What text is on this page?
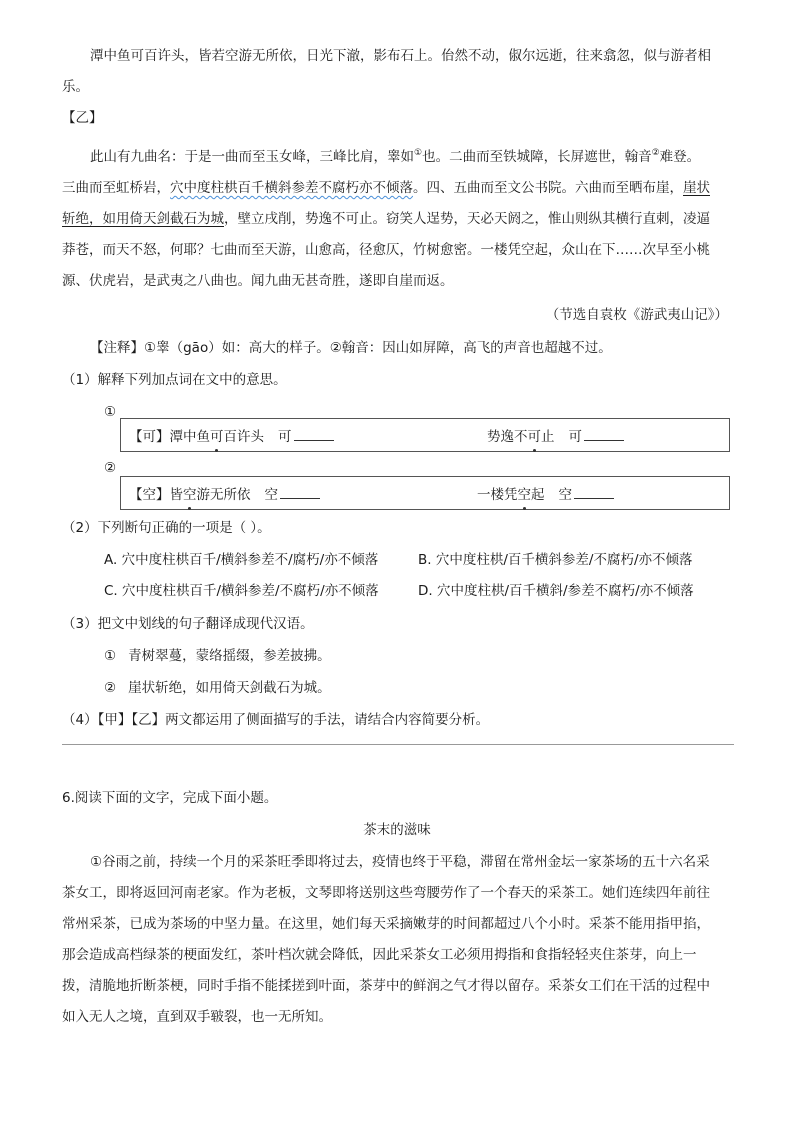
潭中鱼可百许头，皆若空游无所依，日光下澈，影布石上。佁然不动，俶尔远逝，往来翕忽，似与游者相
乐。
【乙】
此山有九曲名：于是一曲而至玉女峰，三峰比肩，睾如①也。二曲而至铁城障，长屏遮世，翰音②难登。
三曲而至虹桥岩，穴中度柱栱百千横斜参差不腐朽亦不倾落。四、五曲而至文公书院。六曲而至晒布崖，崖状
斩绝，如用倚天剑截石为城，壁立戌削，势逸不可止。窃笑人逞势，天必天阏之，惟山则纵其横行直刺，凌逼
莽苍，而天不怒，何耶？七曲而至天游，山愈高，径愈仄，竹树愈密。一楼凭空起，众山在下……次早至小桃
源、伏虎岩，是武夷之八曲也。闻九曲无甚奇胜，遂即自崖而返。
（节选自袁枚《游武夷山记》）
【注释】①睾（gāo）如：高大的样子。②翰音：因山如屏障，高飞的声音也超越不过。
（1）解释下列加点词在文中的意思。
①
【可】潭中鱼可百许头 可	势逸不可止 可
②
【空】皆空游无所依 空	一楼凭空起 空
（2）下列断句正确的一项是（ ）。
A. 穴中度柱栱百千/横斜参差不/腐朽/亦不倾落	B. 穴中度柱栱/百千横斜参差/不腐朽/亦不倾落
C. 穴中度柱栱百千/横斜参差/不腐朽/亦不倾落	D. 穴中度柱栱/百千横斜/参差不腐朽/亦不倾落
（3）把文中划线的句子翻译成现代汉语。
① 青树翠蔓，蒙络摇缀，参差披拂。
② 崖状斩绝，如用倚天剑截石为城。
（4）【甲】【乙】两文都运用了侧面描写的手法，请结合内容简要分析。
6.阅读下面的文字，完成下面小题。
茶末的滋味
①谷雨之前，持续一个月的采茶旺季即将过去，疫情也终于平稳，滞留在常州金坛一家茶场的五十六名采
茶女工，即将返回河南老家。作为老板，文琴即将送别这些弯腰劳作了一个春天的采茶工。她们连续四年前往
常州采茶，已成为茶场的中坚力量。在这里，她们每天采摘嫩芽的时间都超过八个小时。采茶不能用指甲掐，
那会造成高档绿茶的梗面发红，茶叶档次就会降低，因此采茶女工必须用拇指和食指轻轻夹住茶芽，向上一
拨，清脆地折断茶梗，同时手指不能揉搓到叶面，茶芽中的鲜润之气才得以留存。采茶女工们在干活的过程中
如入无人之境，直到双手皲裂，也一无所知。
